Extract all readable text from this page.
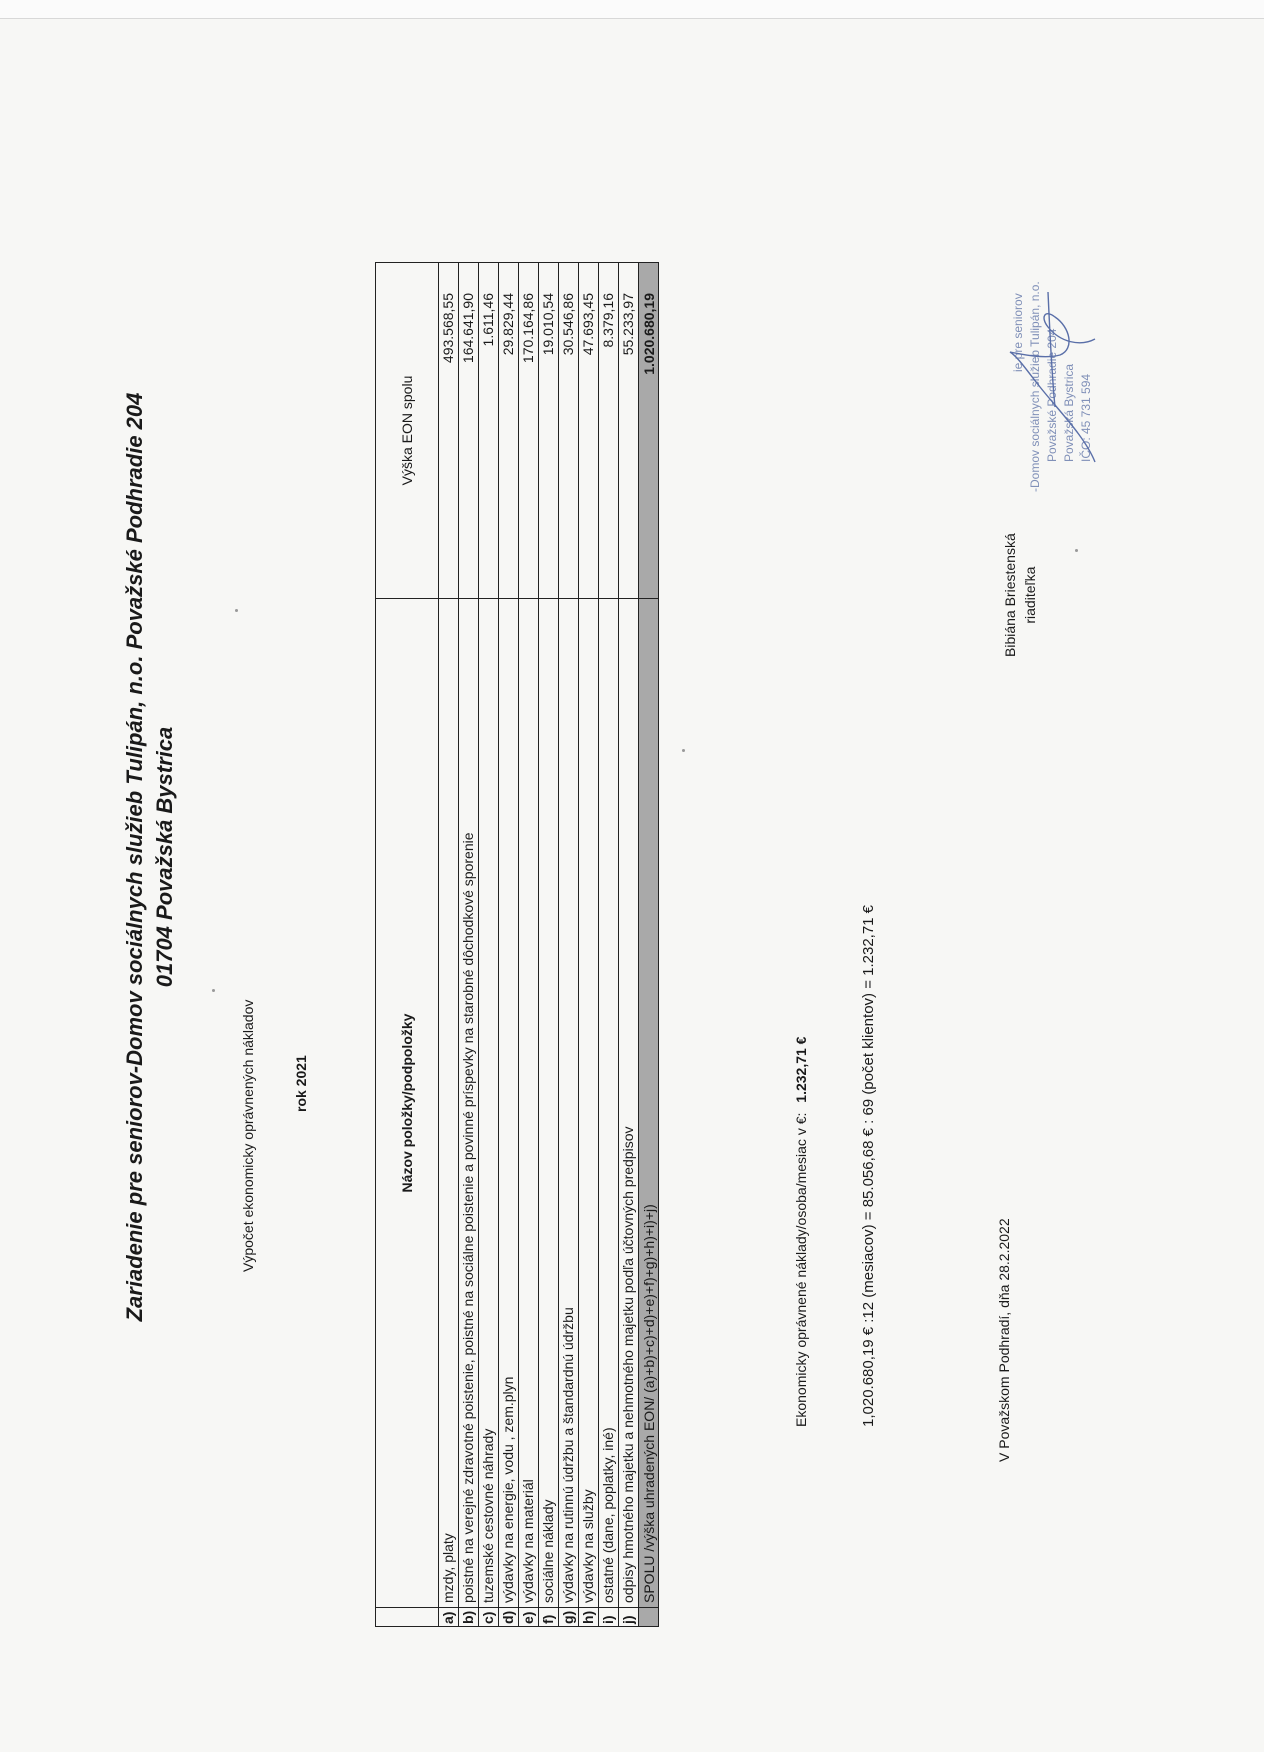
Zariadenie pre seniorov-Domov sociálnych služieb Tulipán, n.o. Považské Podhradie 204 01704 Považská Bystrica
Výpočet ekonomicky oprávnených nákladov	rok 2021
		Názov položky/podpoložky	Výška EON spolu
a)	mzdy, platy	493.568,55
b)	poistné na verejné zdravotné poistenie, poistné na sociálne poistenie a povinné príspevky na starobné dôchodkové sporenie	164.641,90
c)	tuzemské cestovné náhrady	1.611,46
d)	výdavky na energie, vodu , zem.plyn	29.829,44
e)	výdavky na materiál	170.164,86
f)	sociálne náklady	19.010,54
g)	výdavky na rutinnú údržbu a štandardnú údržbu	30.546,86
h)	výdavky na služby	47.693,45
i)	ostatné (dane, poplatky, iné)	8.379,16
j)	odpisy hmotného majetku a nehmotného majetku podľa účtovných predpisov	55.233,97
	SPOLU /výška uhradených EON/ (a)+b)+c)+d)+e)+f)+g)+h)+i)+j)	1.020.680,19
Ekonomicky oprávnené náklady/osoba/mesiac v €: 1.232,71 €	1,020.680,19 € :12 (mesiacov) = 85.056,68 € : 69 (počet klientov) = 1.232,71 €	V Považskom Podhradí, dňa 28.2.2022
Bibiána Briestenská riaditeľka
ie pre seniorov -Domov sociálnych služieb Tulipán, n.o. Považské Podhradie 204 Považská Bystrica IČO: 45 731 594
